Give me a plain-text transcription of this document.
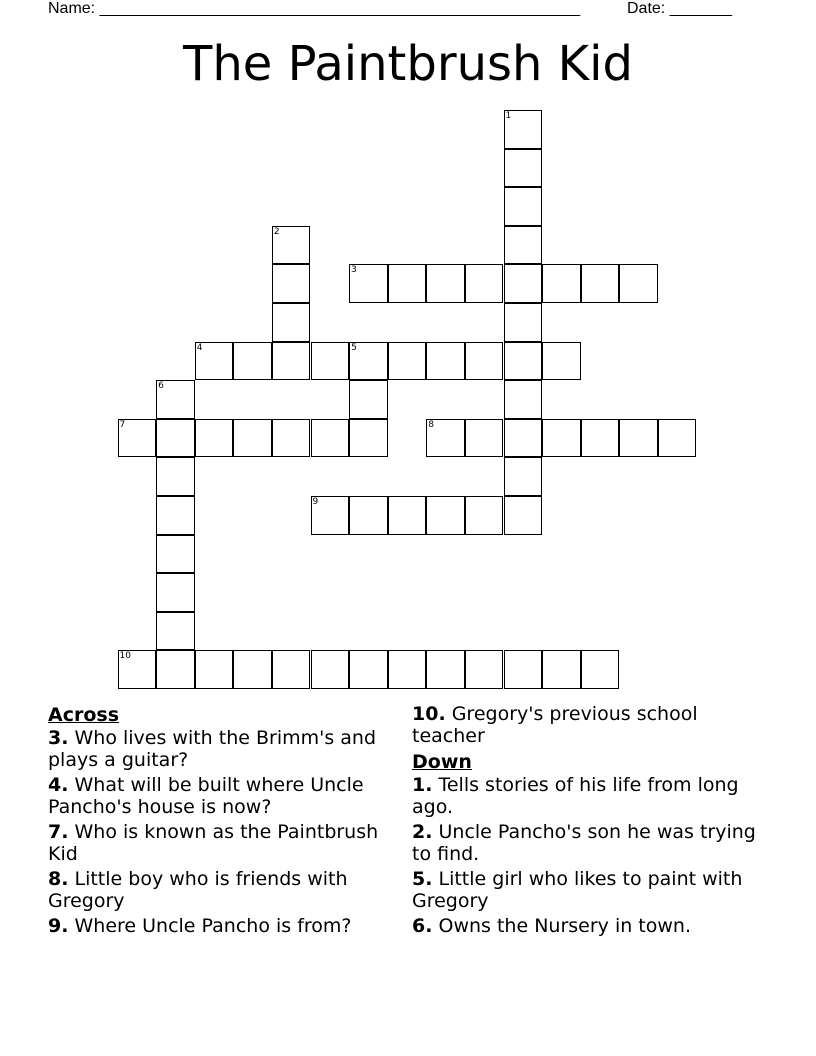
Name: ______________________________________________________	Date: _______
The Paintbrush Kid
1
2
3
4	5
6
7	8
9
10

Across

3. Who lives with the Brimm's and plays a guitar?

4. What will be built where Uncle Pancho's house is now?

7. Who is known as the Paintbrush Kid

8. Little boy who is friends with Gregory

9. Where Uncle Pancho is from?

10. Gregory's previous school teacher

Down

1. Tells stories of his life from long ago.

2. Uncle Pancho's son he was trying to find.

5. Little girl who likes to paint with Gregory

6. Owns the Nursery in town.
